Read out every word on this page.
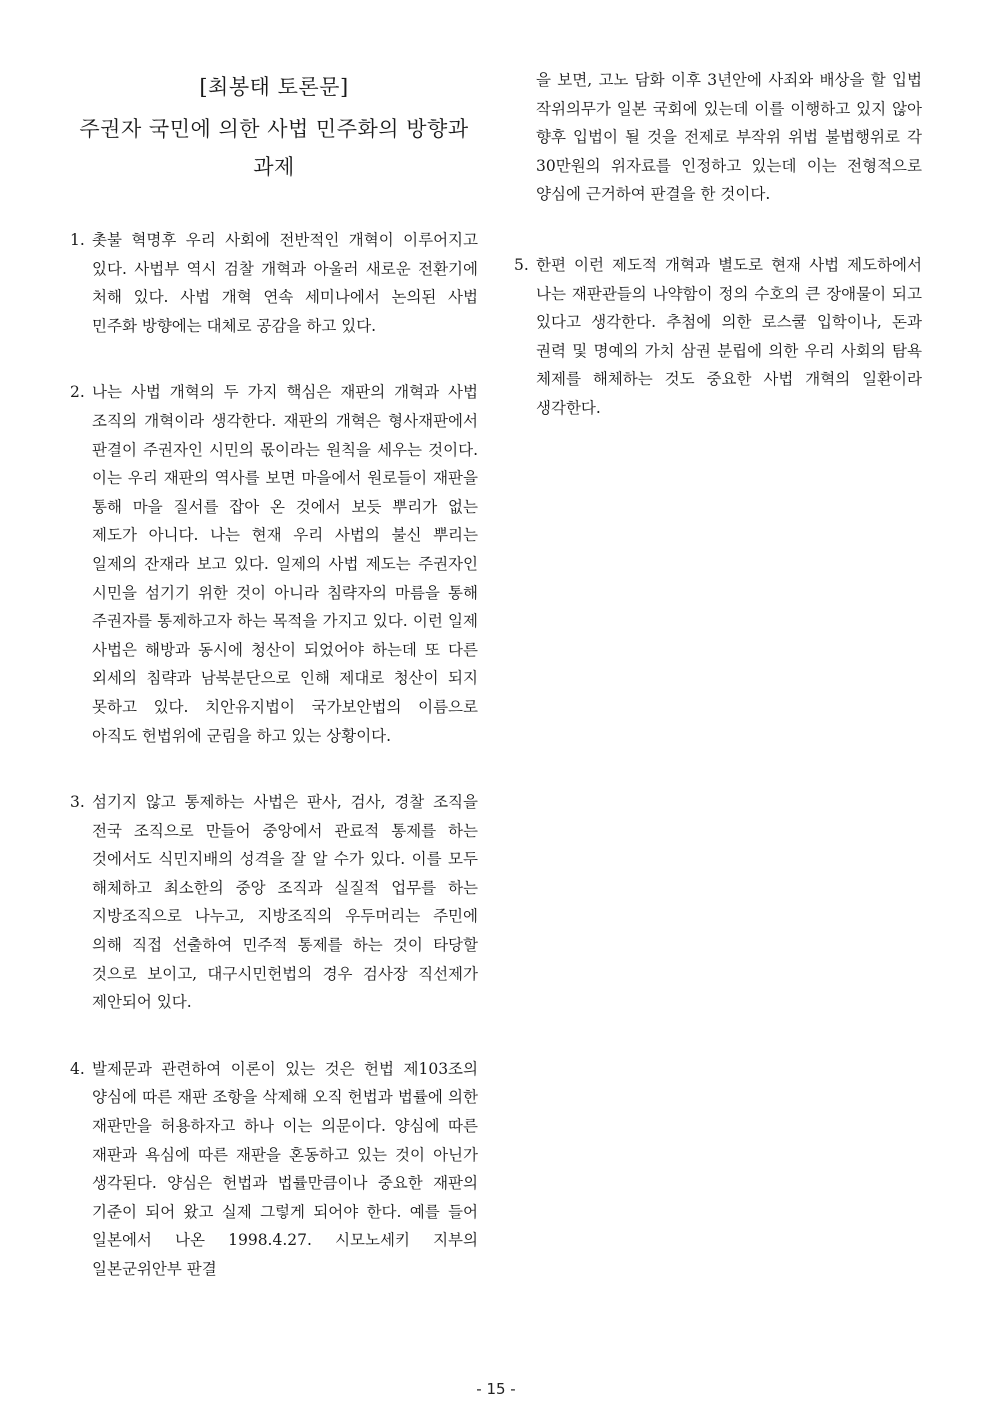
[최봉태 토론문]
주권자 국민에 의한 사법 민주화의 방향과 과제

1. 촛불 혁명후 우리 사회에 전반적인 개혁이 이루어지고 있다. 사법부 역시 검찰 개혁과 아울러 새로운 전환기에 처해 있다. 사법 개혁 연속 세미나에서 논의된 사법 민주화 방향에는 대체로 공감을 하고 있다.

2. 나는 사법 개혁의 두 가지 핵심은 재판의 개혁과 사법 조직의 개혁이라 생각한다. 재판의 개혁은 형사재판에서 판결이 주권자인 시민의 몫이라는 원칙을 세우는 것이다. 이는 우리 재판의 역사를 보면 마을에서 원로들이 재판을 통해 마을 질서를 잡아 온 것에서 보듯 뿌리가 없는 제도가 아니다. 나는 현재 우리 사법의 불신 뿌리는 일제의 잔재라 보고 있다. 일제의 사법 제도는 주권자인 시민을 섬기기 위한 것이 아니라 침략자의 마름을 통해 주권자를 통제하고자 하는 목적을 가지고 있다. 이런 일제 사법은 해방과 동시에 청산이 되었어야 하는데 또 다른 외세의 침략과 남북분단으로 인해 제대로 청산이 되지 못하고 있다. 치안유지법이 국가보안법의 이름으로 아직도 헌법위에 군림을 하고 있는 상황이다.

3. 섬기지 않고 통제하는 사법은 판사, 검사, 경찰 조직을 전국 조직으로 만들어 중앙에서 관료적 통제를 하는 것에서도 식민지배의 성격을 잘 알 수가 있다. 이를 모두 해체하고 최소한의 중앙 조직과 실질적 업무를 하는 지방조직으로 나누고, 지방조직의 우두머리는 주민에 의해 직접 선출하여 민주적 통제를 하는 것이 타당할 것으로 보이고, 대구시민헌법의 경우 검사장 직선제가 제안되어 있다.

4. 발제문과 관련하여 이론이 있는 것은 헌법 제103조의 양심에 따른 재판 조항을 삭제해 오직 헌법과 법률에 의한 재판만을 허용하자고 하나 이는 의문이다. 양심에 따른 재판과 욕심에 따른 재판을 혼동하고 있는 것이 아닌가 생각된다. 양심은 헌법과 법률만큼이나 중요한 재판의 기준이 되어 왔고 실제 그렇게 되어야 한다. 예를 들어 일본에서 나온 1998.4.27. 시모노세키 지부의 일본군위안부 판결

을 보면, 고노 담화 이후 3년안에 사죄와 배상을 할 입법 작위의무가 일본 국회에 있는데 이를 이행하고 있지 않아 향후 입법이 될 것을 전제로 부작위 위법 불법행위로 각 30만원의 위자료를 인정하고 있는데 이는 전형적으로 양심에 근거하여 판결을 한 것이다.

5. 한편 이런 제도적 개혁과 별도로 현재 사법 제도하에서 나는 재판관들의 나약함이 정의 수호의 큰 장애물이 되고 있다고 생각한다. 추첨에 의한 로스쿨 입학이나, 돈과 권력 및 명예의 가치 삼권 분립에 의한 우리 사회의 탐욕 체제를 해체하는 것도 중요한 사법 개혁의 일환이라 생각한다.

- 15 -
